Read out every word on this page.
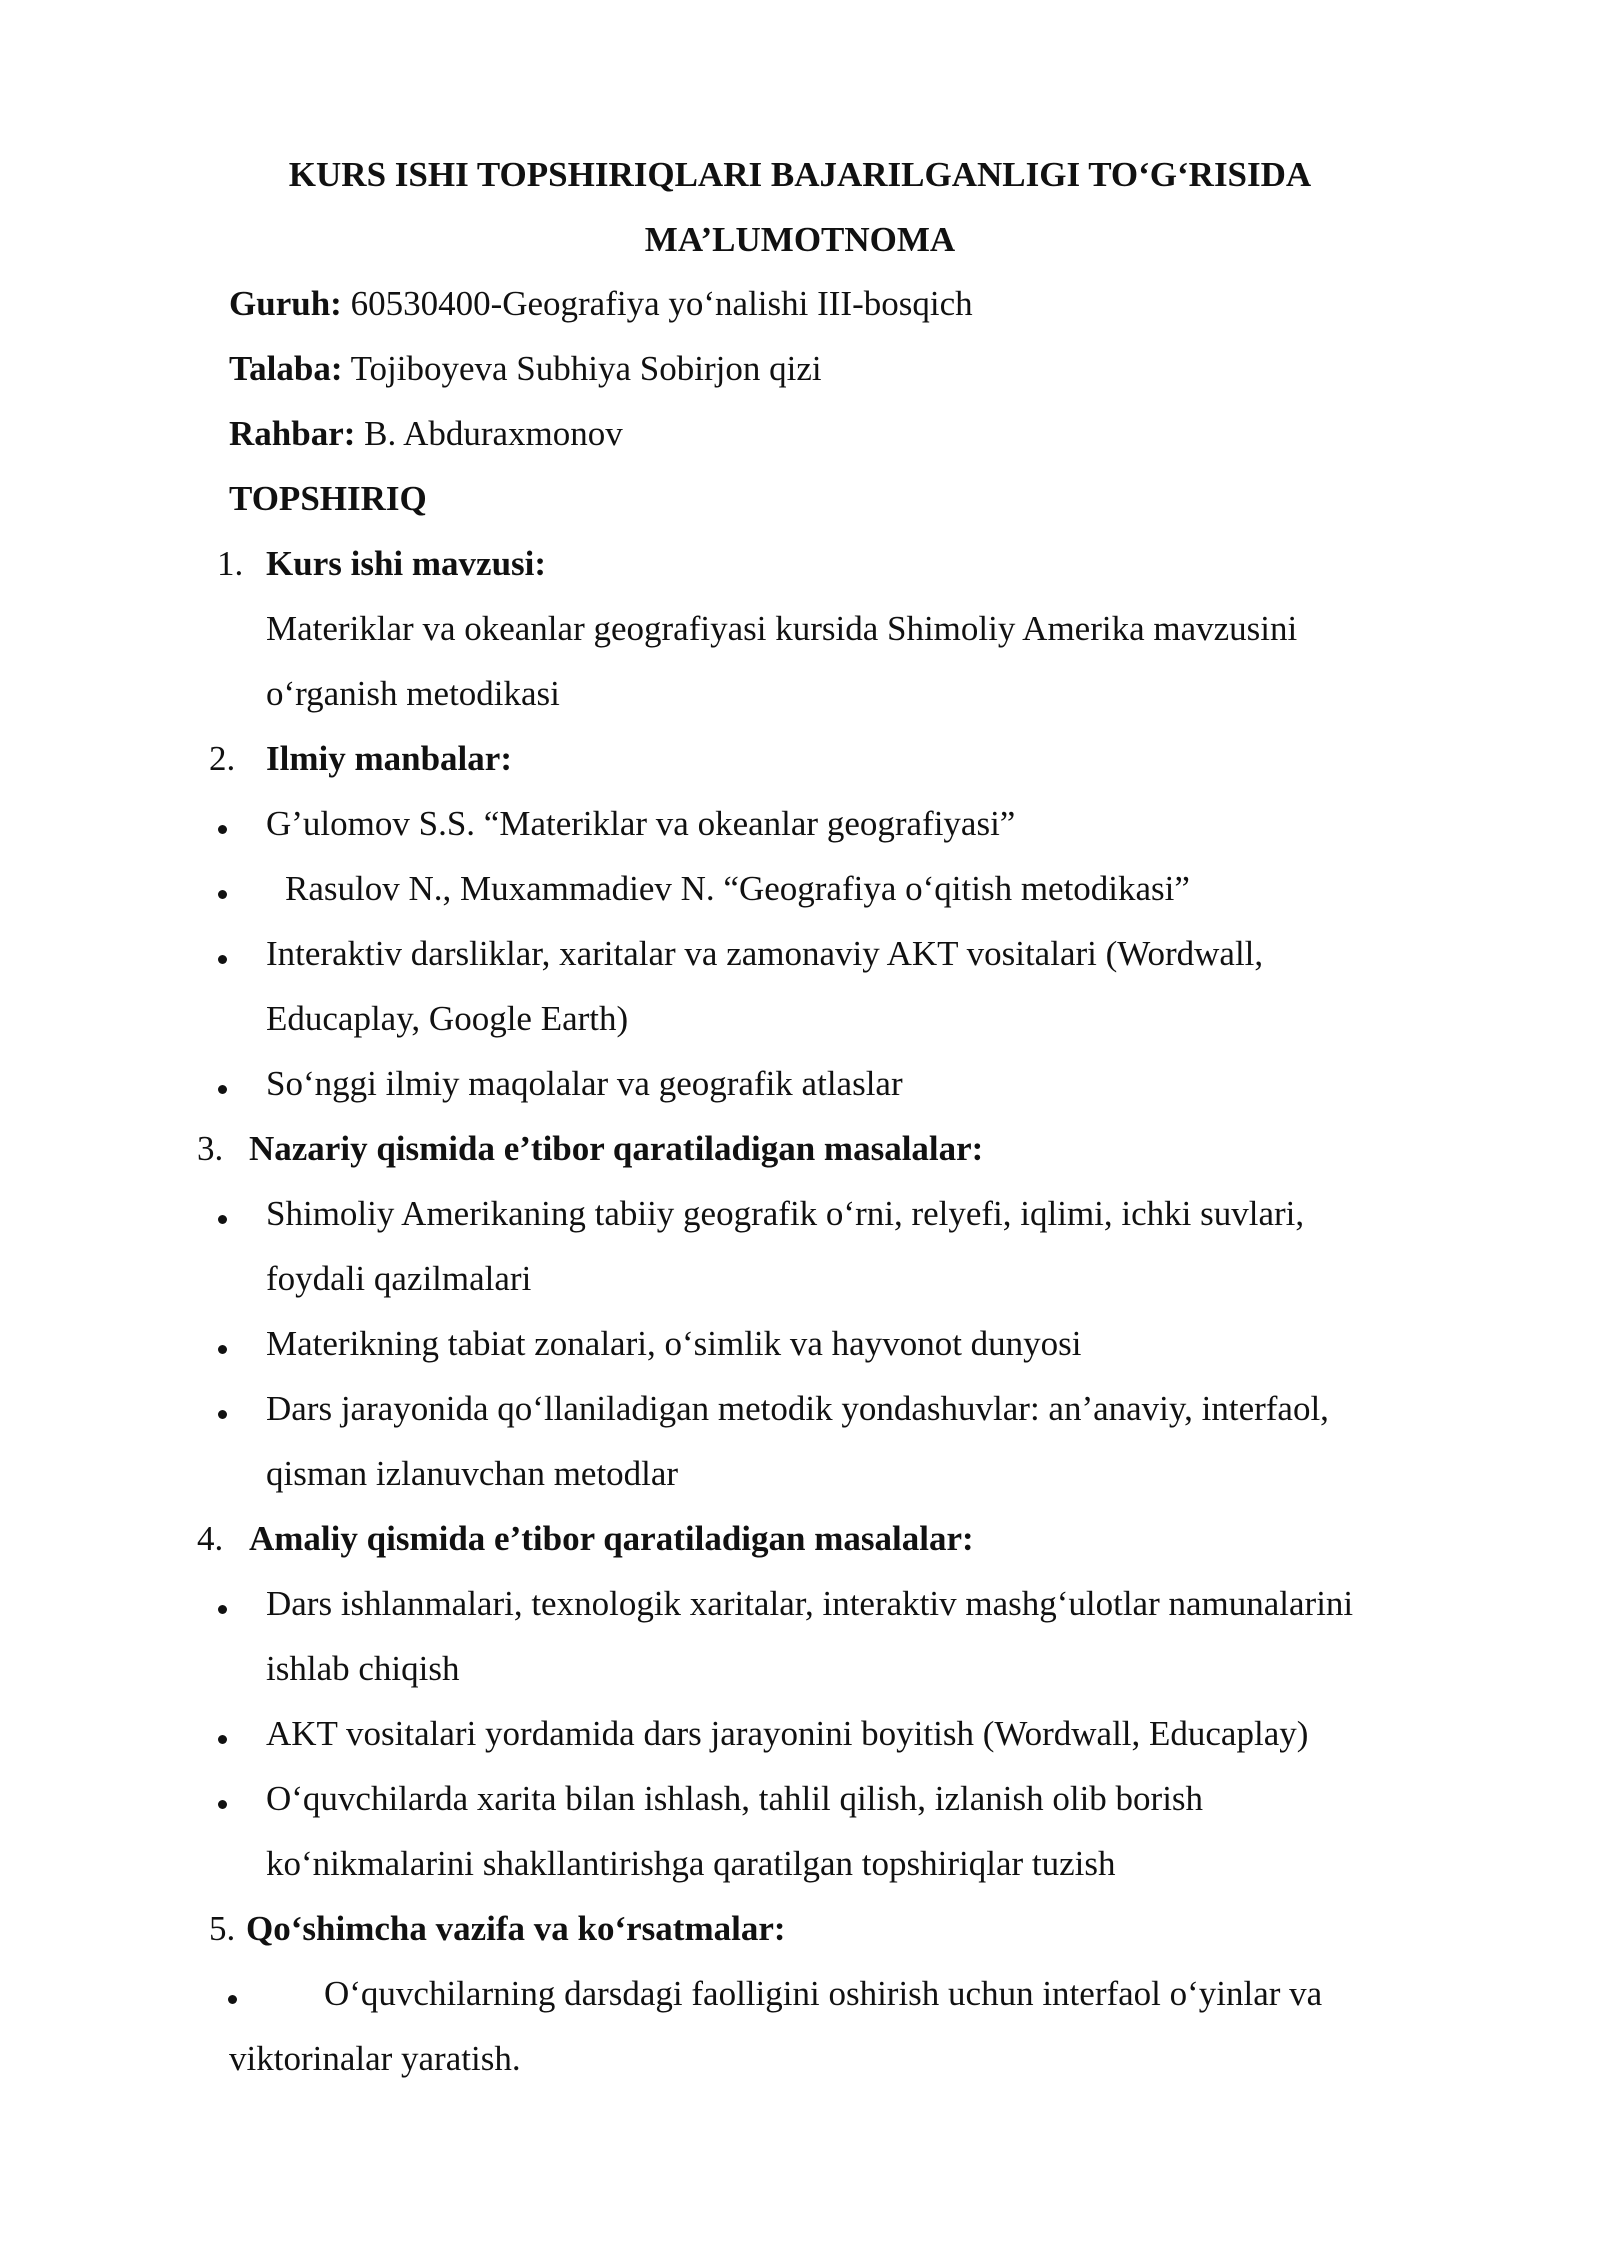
KURS ISHI TOPSHIRIQLARI BAJARILGANLIGI TO‘G‘RISIDA
MA’LUMOTNOMA
Guruh: 60530400-Geografiya yo‘nalishi III-bosqich
Talaba: Tojiboyeva Subhiya Sobirjon qizi
Rahbar: B. Abduraxmonov
TOPSHIRIQ
1. Kurs ishi mavzusi:
Materiklar va okeanlar geografiyasi kursida Shimoliy Amerika mavzusini
o‘rganish metodikasi
2. Ilmiy manbalar:
G’ulomov S.S. “Materiklar va okeanlar geografiyasi”
Rasulov N., Muxammadiev N. “Geografiya o‘qitish metodikasi”
Interaktiv darsliklar, xaritalar va zamonaviy AKT vositalari (Wordwall,
Educaplay, Google Earth)
So‘nggi ilmiy maqolalar va geografik atlaslar
3. Nazariy qismida e’tibor qaratiladigan masalalar:
Shimoliy Amerikaning tabiiy geografik o‘rni, relyefi, iqlimi, ichki suvlari,
foydali qazilmalari
Materikning tabiat zonalari, o‘simlik va hayvonot dunyosi
Dars jarayonida qo‘llaniladigan metodik yondashuvlar: an’anaviy, interfaol,
qisman izlanuvchan metodlar
4. Amaliy qismida e’tibor qaratiladigan masalalar:
Dars ishlanmalari, texnologik xaritalar, interaktiv mashg‘ulotlar namunalarini
ishlab chiqish
AKT vositalari yordamida dars jarayonini boyitish (Wordwall, Educaplay)
O‘quvchilarda xarita bilan ishlash, tahlil qilish, izlanish olib borish
ko‘nikmalarini shakllantirishga qaratilgan topshiriqlar tuzish
5. Qo‘shimcha vazifa va ko‘rsatmalar:
O‘quvchilarning darsdagi faolligini oshirish uchun interfaol o‘yinlar va
viktorinalar yaratish.
